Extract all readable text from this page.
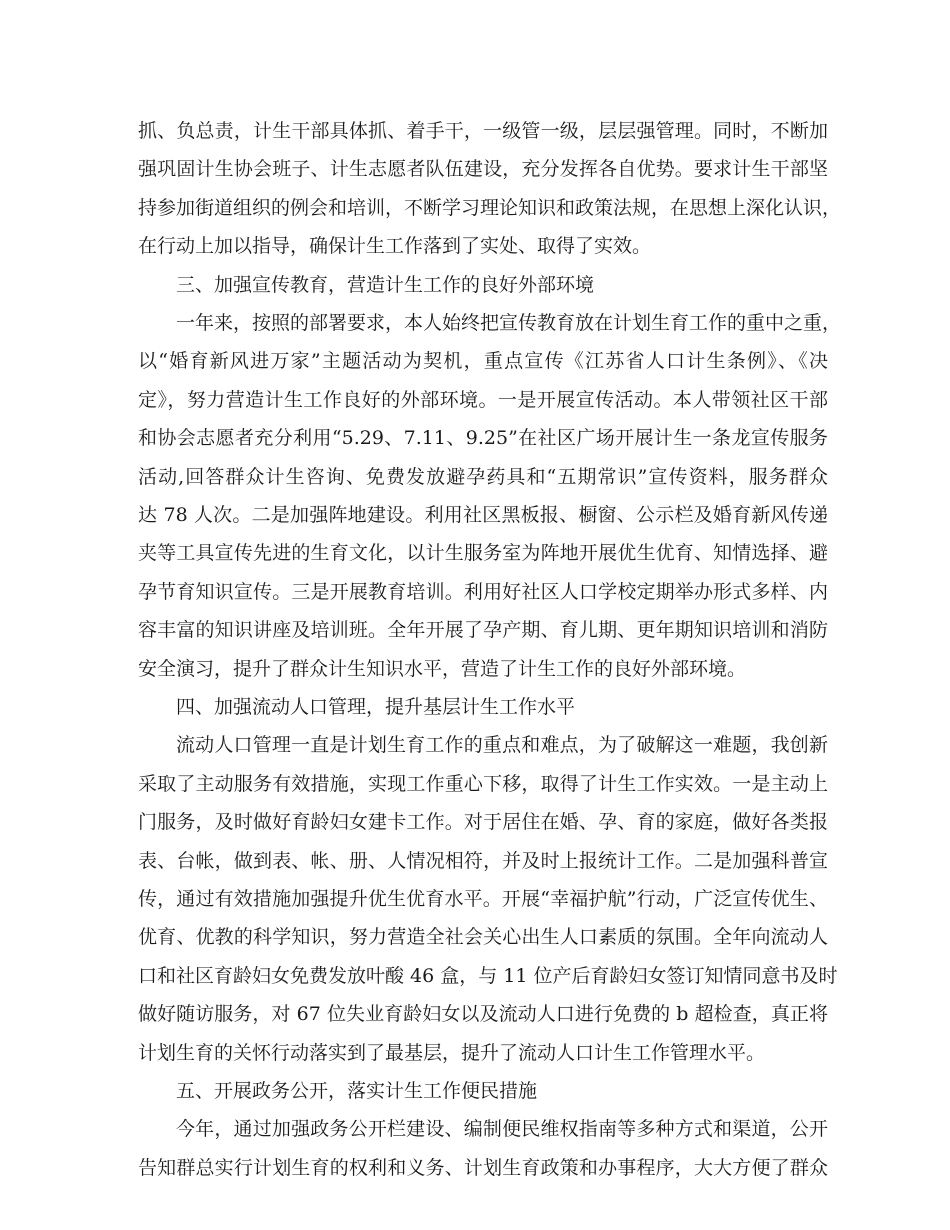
抓、负总责，计生干部具体抓、着手干，一级管一级，层层强管理。同时，不断加
强巩固计生协会班子、计生志愿者队伍建设，充分发挥各自优势。要求计生干部坚
持参加街道组织的例会和培训，不断学习理论知识和政策法规，在思想上深化认识，
在行动上加以指导，确保计生工作落到了实处、取得了实效。
三、加强宣传教育，营造计生工作的良好外部环境
一年来，按照的部署要求，本人始终把宣传教育放在计划生育工作的重中之重，
以“婚育新风进万家”主题活动为契机，重点宣传《江苏省人口计生条例》、《决
定》，努力营造计生工作良好的外部环境。一是开展宣传活动。本人带领社区干部
和协会志愿者充分利用“5.29、7.11、9.25”在社区广场开展计生一条龙宣传服务
活动,回答群众计生咨询、免费发放避孕药具和“五期常识”宣传资料，服务群众
达 78 人次。二是加强阵地建设。利用社区黑板报、橱窗、公示栏及婚育新风传递
夹等工具宣传先进的生育文化，以计生服务室为阵地开展优生优育、知情选择、避
孕节育知识宣传。三是开展教育培训。利用好社区人口学校定期举办形式多样、内
容丰富的知识讲座及培训班。全年开展了孕产期、育儿期、更年期知识培训和消防
安全演习，提升了群众计生知识水平，营造了计生工作的良好外部环境。
四、加强流动人口管理，提升基层计生工作水平
流动人口管理一直是计划生育工作的重点和难点，为了破解这一难题，我创新
采取了主动服务有效措施，实现工作重心下移，取得了计生工作实效。一是主动上
门服务，及时做好育龄妇女建卡工作。对于居住在婚、孕、育的家庭，做好各类报
表、台帐，做到表、帐、册、人情况相符，并及时上报统计工作。二是加强科普宣
传，通过有效措施加强提升优生优育水平。开展“幸福护航”行动，广泛宣传优生、
优育、优教的科学知识，努力营造全社会关心出生人口素质的氛围。全年向流动人
口和社区育龄妇女免费发放叶酸 46 盒，与 11 位产后育龄妇女签订知情同意书及时
做好随访服务，对 67 位失业育龄妇女以及流动人口进行免费的 b 超检查，真正将
计划生育的关怀行动落实到了最基层，提升了流动人口计生工作管理水平。
五、开展政务公开，落实计生工作便民措施
今年，通过加强政务公开栏建设、编制便民维权指南等多种方式和渠道，公开
告知群总实行计划生育的权利和义务、计划生育政策和办事程序，大大方便了群众
